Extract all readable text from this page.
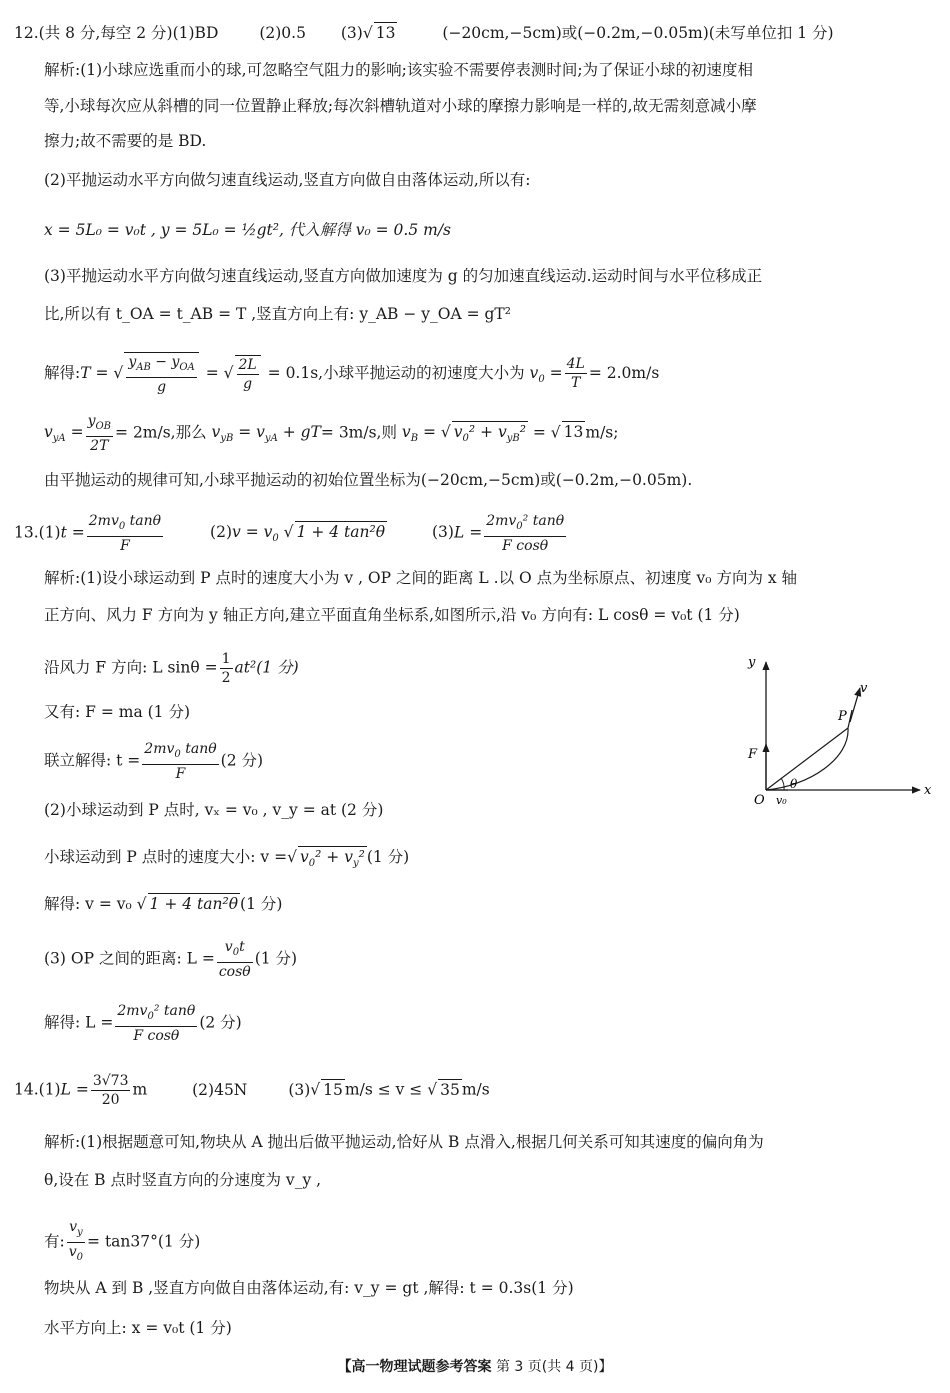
12.(共 8 分,每空 2 分)(1)BD	(2)0.5 (3)√ 13	(−20cm,−5cm)或(−0.2m,−0.05m)(未写单位扣 1 分)
解析:(1)小球应选重而小的球,可忽略空气阻力的影响;该实验不需要停表测时间;为了保证小球的初速度相
等,小球每次应从斜槽的同一位置静止释放;每次斜槽轨道对小球的摩擦力影响是一样的,故无需刻意减小摩
擦力;故不需要的是 BD.
(2)平抛运动水平方向做匀速直线运动,竖直方向做自由落体运动,所以有:
x = 5L₀ = v₀t , y = 5L₀ = ½gt², 代入解得 v₀ = 0.5 m/s
(3)平抛运动水平方向做匀速直线运动,竖直方向做加速度为 g 的匀加速直线运动.运动时间与水平位移成正
比,所以有 t_OA = t_AB = T ,竖直方向上有: y_AB − y_OA = gT²
解得:T = √ $\frac{y_{AB} - y_{OA}}{g}$ = √ $\frac{2L}{g} = 0.1s$,小球平抛运动的初速度大小为 $v_0 = \frac{4L}{T} = 2.0m/s$
$v_{yA} = \frac{y_{OB}}{2T} = 2m/s$,那么 $v_{yB} = v_{yA} + gT= 3m/s$,则 $v_B$ = √ $v_0^2 + v_{yB}^2$ = √ 13 m/s;
由平抛运动的规律可知,小球平抛运动的初始位置坐标为(−20cm,−5cm)或(−0.2m,−0.05m).
$13.(1)t = \frac{2mv_0 \tan\theta}{F}$	$(2)v = v_0$ √ 1 + 4 tan²θ	$(3)L = \frac{2mv_0^2 \tan\theta}{\text{F cosθ}}$
解析:(1)设小球运动到 P 点时的速度大小为 v , OP 之间的距离 L .以 O 点为坐标原点、初速度 v₀ 方向为 x 轴
正方向、风力 F 方向为 y 轴正方向,建立平面直角坐标系,如图所示,沿 v₀ 方向有: L cosθ = v₀t (1 分)
沿风力 F 方向: L $\sin\theta = \frac{1}{2} at^2(1$ 分)
又有: F = ma (1 分)
联立解得: $t = \frac{2mv_0 \tan\theta}{F} (2$ 分)
(2)小球运动到 P 点时, vₓ = v₀ , v_y = at (2 分)
小球运动到 P 点时的速度大小: v =√ $v_0^2 + v_y^2$ (1 分)
解得: v = v₀ √ 1 + 4 tan²θ (1 分)
(3) OP 之间的距离: $L = \frac{v_0t}{\cos\theta} (1$ 分)
解得: $L = \frac{2mv_0^2 \tan\theta}{\text{F cosθ}} (2$ 分)
y
v
P
F
O
θ
v₀
x
$14.(1)L = \frac{3√73}{20}$ m	(2)45N	(3)√ 15 m/s ≤ v ≤ √ 35 m/s
解析:(1)根据题意可知,物块从 A 抛出后做平抛运动,恰好从 B 点滑入,根据几何关系可知其速度的偏向角为
θ,设在 B 点时竖直方向的分速度为 v_y ,
有: $\frac{v_y}{v_0} = \tan 37^\circ(1$ 分)
物块从 A 到 B ,竖直方向做自由落体运动,有: v_y = gt ,解得: t = 0.3s(1 分)
水平方向上: x = v₀t (1 分)
【高一物理试题参考答案 第 3 页(共 4 页)】
